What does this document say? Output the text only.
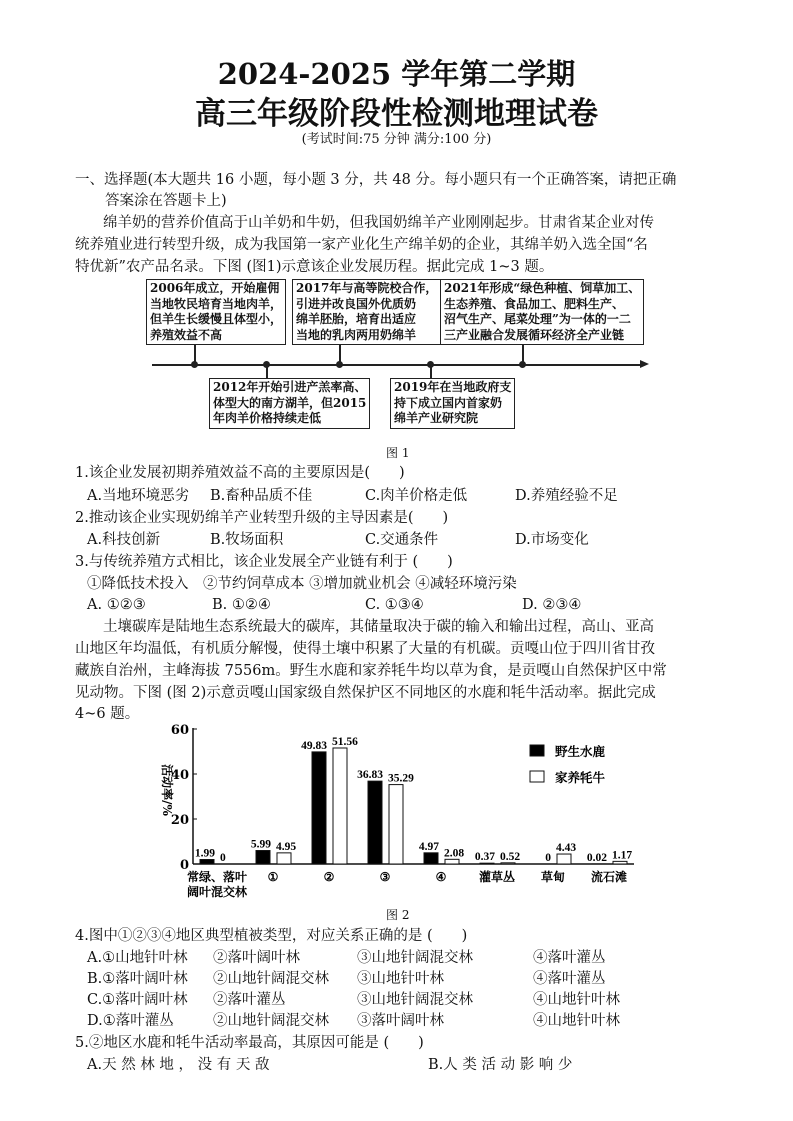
2024-2025 学年第二学期
高三年级阶段性检测地理试卷
(考试时间:75 分钟 满分:100 分)
一、选择题(本大题共 16 小题，每小题 3 分，共 48 分。每小题只有一个正确答案，请把正确
答案涂在答题卡上)
绵羊奶的营养价值高于山羊奶和牛奶，但我国奶绵羊产业刚刚起步。甘肃省某企业对传
统养殖业进行转型升级，成为我国第一家产业化生产绵羊奶的企业，其绵羊奶入选全国“名
特优新”农产品名录。下图 (图1)示意该企业发展历程。据此完成 1~3 题。
2006年成立，开始雇佣
当地牧民培育当地肉羊，
但羊生长缓慢且体型小，
养殖效益不高
2012年开始引进产羔率高、
体型大的南方湖羊，但2015
年肉羊价格持续走低
2017年与高等院校合作，
引进并改良国外优质奶
绵羊胚胎，培育出适应
当地的乳肉两用奶绵羊
2019年在当地政府支
持下成立国内首家奶
绵羊产业研究院
2021年形成“绿色种植、饲草加工、
生态养殖、食品加工、肥料生产、
沼气生产、尾菜处理”为一体的一二
三产业融合发展循环经济全产业链
图 1
1.该企业发展初期养殖效益不高的主要原因是(　　)
A.当地环境恶劣 B.畜种品质不佳	C.肉羊价格走低	D.养殖经验不足
2.推动该企业实现奶绵羊产业转型升级的主导因素是(　　)
A.科技创新	B.牧场面积	C.交通条件	D.市场变化
3.与传统养殖方式相比，该企业发展全产业链有利于 (　　)
①降低技术投入　②节约饲草成本 ③增加就业机会 ④减轻环境污染
A. ①②③	B. ①②④	C. ①③④	D. ②③④
土壤碳库是陆地生态系统最大的碳库，其储量取决于碳的输入和输出过程，高山、亚高
山地区年均温低，有机质分解慢，使得土壤中积累了大量的有机碳。贡嘎山位于四川省甘孜
藏族自治州，主峰海拔 7556m。野生水鹿和家养牦牛均以草为食，是贡嘎山自然保护区中常
见动物。下图 (图 2)示意贡嘎山国家级自然保护区不同地区的水鹿和牦牛活动率。据此完成
4~6 题。
0
20
40
60
活动率/%
1.99 0
常绿、落叶
阔叶混交林
5.99 4.95
①
49.83 51.56
②
36.83 35.29
③
4.97
2.08
④
0.37 0.52
灌草丛
0
4.43
草甸
0.02 1.17
流石滩
野生水鹿
家养牦牛
图 2
4.图中①②③④地区典型植被类型，对应关系正确的是 (　　)
A.①山地针叶林 ②落叶阔叶林	③山地针阔混交林	④落叶灌丛
B.①落叶阔叶林 ②山地针阔混交林 ③山地针叶林	④落叶灌丛
C.①落叶阔叶林 ②落叶灌丛	③山地针阔混交林	④山地针叶林
D.①落叶灌丛	②山地针阔混交林 ③落叶阔叶林	④山地针叶林
5.②地区水鹿和牦牛活动率最高，其原因可能是 (　　)
A.天 然 林 地 ， 没 有 天 敌	B.人 类 活 动 影 响 少
